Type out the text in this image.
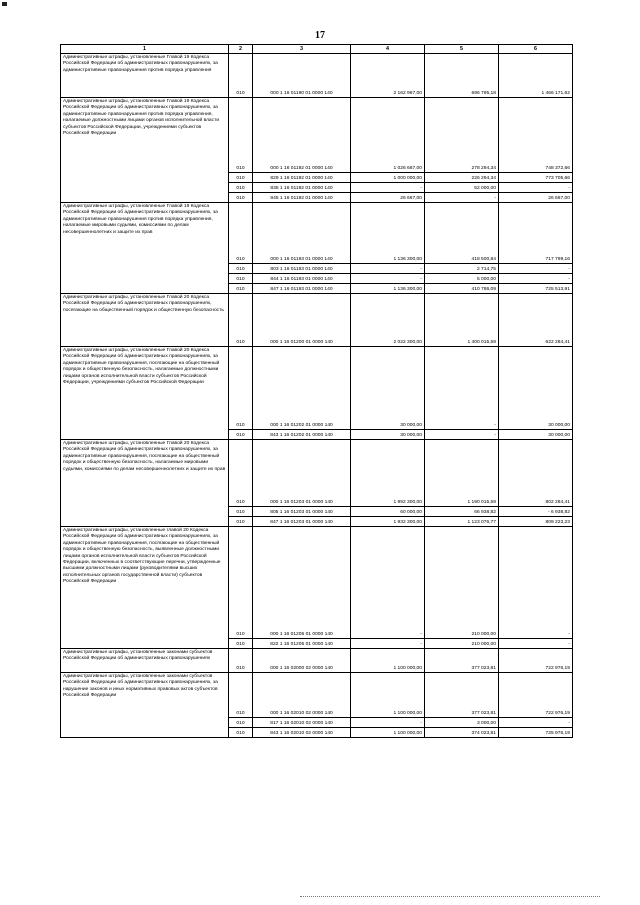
17
1	2	3	4	5	6
Административные штрафы, установленные Главой 19 Кодекса Российской Федерации об административных правонарушениях, за административные правонарушения против порядка управления	010	000 1 16 01190 01 0000 140	2 162 967,00	696 795,18	1 466 171,62
Административные штрафы, установленные Главой 19 Кодекса Российской Федерации об административных правонарушениях, за административные правонарушения против порядка управления, налагаемые должностными лицами органов исполнительной власти субъектов Российской Федерации, учреждениями субъектов Российской Федерации	010	000 1 16 01192 01 0000 140	1 026 667,00	278 294,34	748 372,66
	010	829 1 16 01192 01 0000 140	1 000 000,00	226 294,34	773 705,66
	010	835 1 16 01192 01 0000 140	-	52 000,00	-
	010	845 1 16 01192 01 0000 140	26 667,00	-	26 667,00
Административные штрафы, установленные Главой 19 Кодекса Российской Федерации об административных правонарушениях, за административные правонарушения против порядка управления, налагаемые мировыми судьями, комиссиями по делам несовершеннолетних и защите их прав	010	000 1 16 01193 01 0000 140	1 136 300,00	418 500,84	717 799,16
	010	803 1 16 01193 01 0000 140	-	2 714,75	-
	010	844 1 16 01193 01 0000 140	-	5 000,00	-
	010	847 1 16 01193 01 0000 140	1 136 300,00	410 786,09	725 513,91
Административные штрафы, установленные Главой 20 Кодекса Российской Федерации об административных правонарушениях, посягающие на общественный порядок и общественную безопасность	010	000 1 16 01200 01 0000 140	2 022 300,00	1 400 015,59	622 284,41
Административные штрафы, установленные Главой 20 Кодекса Российской Федерации об административных правонарушениях, за административные правонарушения, посягающие на общественный порядок и общественную безопасность, налагаемые должностными лицами органов исполнительной власти субъектов Российской Федерации, учреждениями субъектов Российской Федерации	010	000 1 16 01202 01 0000 140	30 000,00	-	30 000,00
	010	843 1 16 01202 01 0000 140	30 000,00	-	30 000,00
Административные штрафы, установленные Главой 20 Кодекса Российской Федерации об административных правонарушениях, за административные правонарушения, посягающие на общественный порядок и общественную безопасность, налагаемые мировыми судьями, комиссиями по делам несовершеннолетних и защите их прав	010	000 1 16 01203 01 0000 140	1 992 300,00	1 190 015,59	802 284,41
	010	805 1 16 01203 01 0000 140	60 000,00	66 938,82	- 6 938,82
	010	847 1 16 01203 01 0000 140	1 932 300,00	1 123 076,77	809 223,23
Административные штрафы, установленные главой 20 Кодекса Российской Федерации об административных правонарушениях, за административные правонарушения, посягающие на общественный порядок и общественную безопасность, выявленные должностными лицами органов исполнительной власти субъектов Российской Федерации, включенных в соответствующие перечни, утвержденные высшими должностными лицами (руководителями высших исполнительных органов государственной власти) субъектов Российской Федерации	010	000 1 16 01205 01 0000 140	-	210 000,00	-
	010	822 1 16 01205 01 0000 140	-	210 000,00	-
Административные штрафы, установленные законами субъектов Российской Федерации об административных правонарушениях	010	000 1 16 02000 02 0000 140	1 100 000,00	377 023,81	722 976,19
Административные штрафы, установленные законами субъектов Российской Федерации об административных правонарушениях, за нарушение законов и иных нормативных правовых актов субъектов Российской Федерации	010	000 1 16 02010 02 0000 140	1 100 000,00	377 023,81	722 976,19
	010	817 1 16 02010 02 0000 140	-	3 000,00	-
	010	843 1 16 02010 02 0000 140	1 100 000,00	374 023,81	725 976,19
